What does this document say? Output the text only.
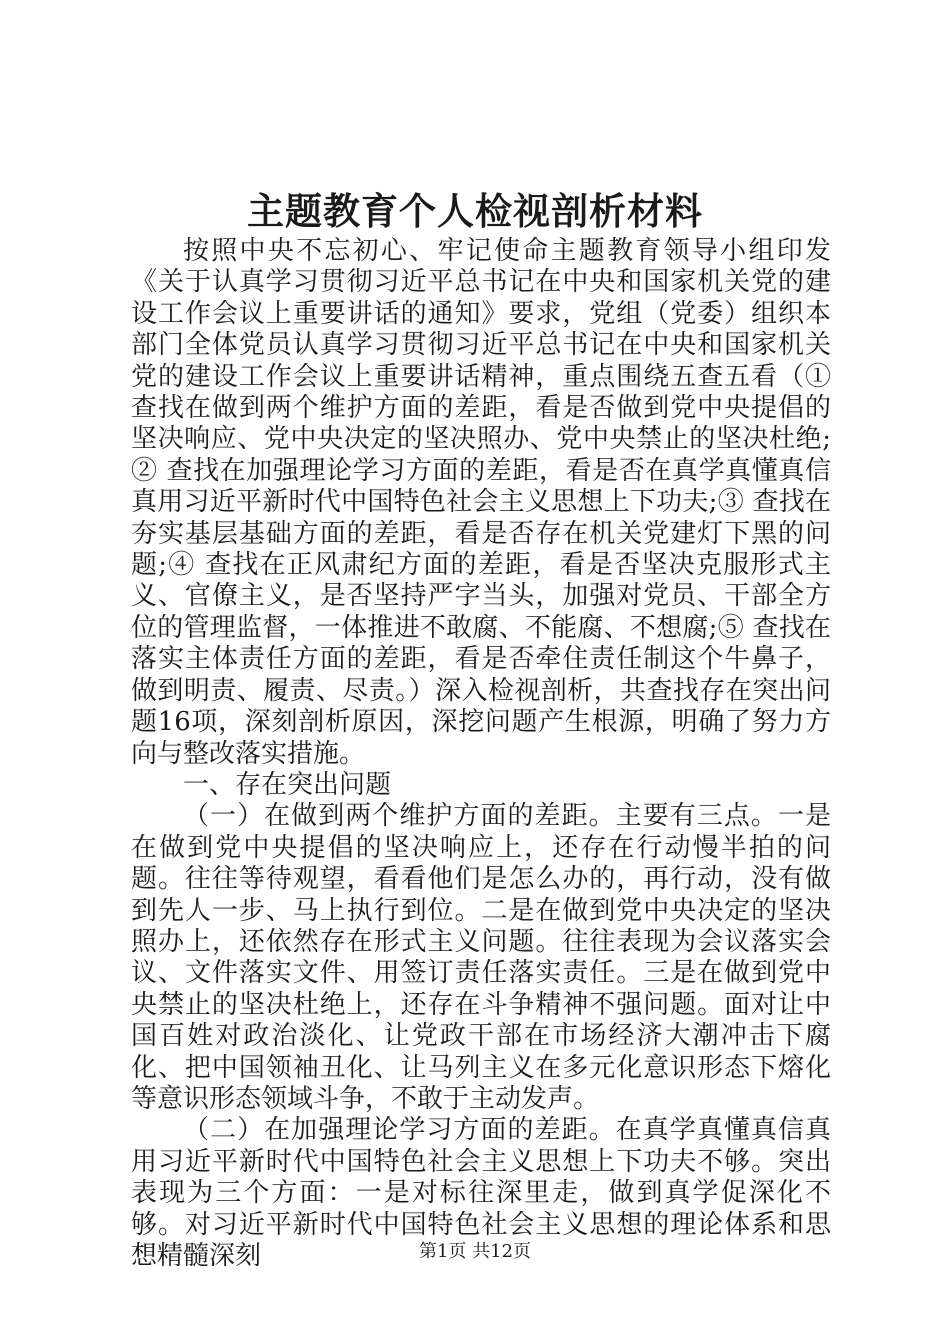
主题教育个人检视剖析材料

按照中央不忘初心、牢记使命主题教育领导小组印发《关于认真学习贯彻习近平总书记在中央和国家机关党的建设工作会议上重要讲话的通知》要求，党组（党委）组织本部门全体党员认真学习贯彻习近平总书记在中央和国家机关党的建设工作会议上重要讲话精神，重点围绕五查五看（①查找在做到两个维护方面的差距，看是否做到党中央提倡的坚决响应、党中央决定的坚决照办、党中央禁止的坚决杜绝;② 查找在加强理论学习方面的差距，看是否在真学真懂真信真用习近平新时代中国特色社会主义思想上下功夫;③ 查找在夯实基层基础方面的差距，看是否存在机关党建灯下黑的问题;④ 查找在正风肃纪方面的差距，看是否坚决克服形式主义、官僚主义，是否坚持严字当头，加强对党员、干部全方位的管理监督，一体推进不敢腐、不能腐、不想腐;⑤ 查找在落实主体责任方面的差距，看是否牵住责任制这个牛鼻子，做到明责、履责、尽责。）深入检视剖析，共查找存在突出问题16项，深刻剖析原因，深挖问题产生根源，明确了努力方向与整改落实措施。

一、存在突出问题

（一）在做到两个维护方面的差距。主要有三点。一是在做到党中央提倡的坚决响应上，还存在行动慢半拍的问题。往往等待观望，看看他们是怎么办的，再行动，没有做到先人一步、马上执行到位。二是在做到党中央决定的坚决照办上，还依然存在形式主义问题。往往表现为会议落实会议、文件落实文件、用签订责任落实责任。三是在做到党中央禁止的坚决杜绝上，还存在斗争精神不强问题。面对让中国百姓对政治淡化、让党政干部在市场经济大潮冲击下腐化、把中国领袖丑化、让马列主义在多元化意识形态下熔化等意识形态领域斗争，不敢于主动发声。

（二）在加强理论学习方面的差距。在真学真懂真信真用习近平新时代中国特色社会主义思想上下功夫不够。突出表现为三个方面：一是对标往深里走，做到真学促深化不够。对习近平新时代中国特色社会主义思想的理论体系和思想精髓深刻	第1页 共12页
